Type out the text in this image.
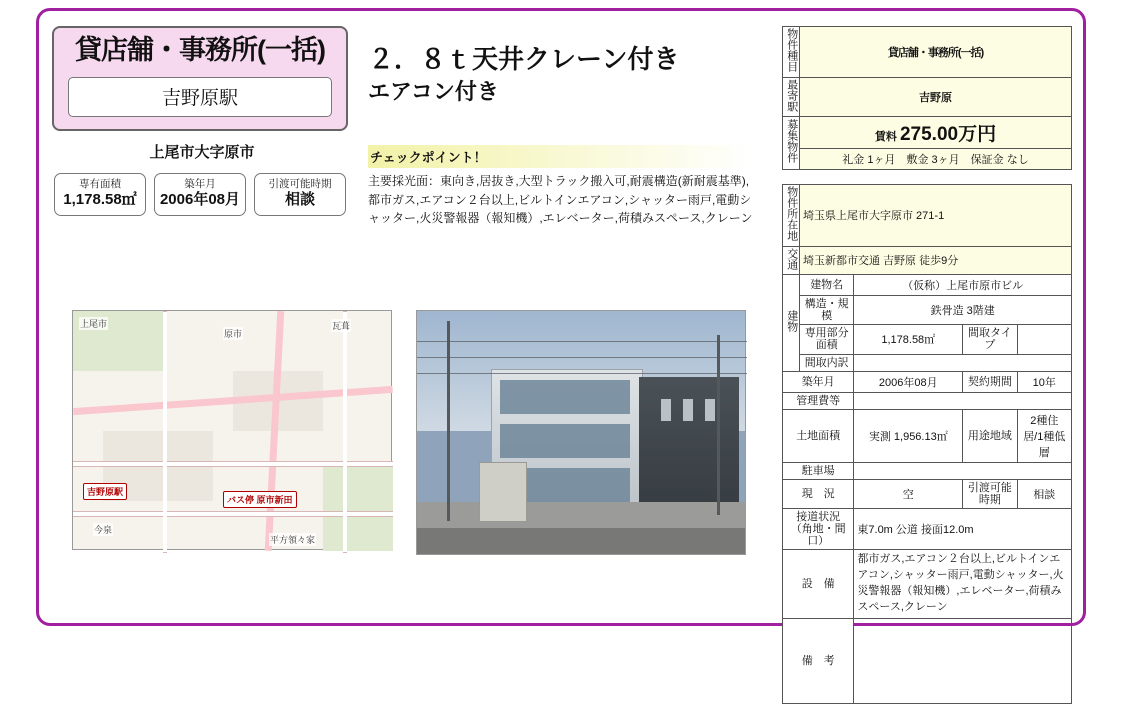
貸店舗・事務所(一括)
吉野原駅
上尾市大字原市
専有面積
1,178.58㎡
築年月
2006年08月
引渡可能時期
相談
２．８ｔ天井クレーン付き
エアコン付き
チェックポイント！
主要採光面：東向き,居抜き,大型トラック搬入可,耐震構造(新耐震基準),都市ガス,エアコン２台以上,ビルトインエアコン,シャッター雨戸,電動シャッター,火災警報器（報知機）,エレベーター,荷積みスペース,クレーン
上尾市
原市
瓦葺
今泉
平方領々家
吉野原駅
バス停 原市新田
物件種目	貸店舗・事務所(一括)
最寄駅	吉野原
募集物件	賃料 275.00万円
	礼金 1ヶ月　敷金 3ヶ月　保証金 なし
物件所在地	埼玉県上尾市大字原市 271-1			
交通	埼玉新都市交通 吉野原 徒歩9分			
建物	建物名	（仮称）上尾市原市ビル		
	構造・規模	鉄骨造 3階建		
	専用部分面積	1,178.58㎡	間取タイプ	
	間取内訳			
築年月		2006年08月	契約期間	10年
管理費等				
土地面積		実測 1,956.13㎡	用途地域	2種住居/1種低層
駐車場				
現　況		空	引渡可能時期	相談
接道状況（角地・間口）		東7.0m 公道 接面12.0m		
設　備		都市ガス,エアコン２台以上,ビルトインエアコン,シャッター雨戸,電動シャッター,火災警報器（報知機）,エレベーター,荷積みスペース,クレーン		
備　考				
